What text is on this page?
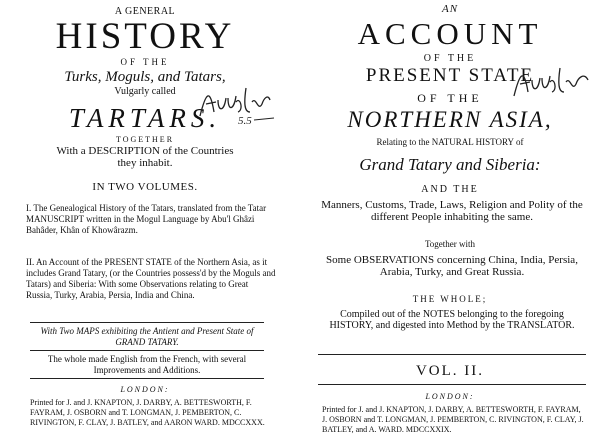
A GENERAL
HISTORY
OF THE
Turks, Moguls, and Tatars,
Vulgarly called
TARTARS.
TOGETHER
With a DESCRIPTION of the Countries
they inhabit.
IN TWO VOLUMES.
I. The Genealogical History of the Tatars, translated from the Tatar MANUSCRIPT written in the Mogul Language by Abu'l Ghâzi Bahâder, Khân of Khowârazm.
II. An Account of the PRESENT STATE of the Northern Asia, as it includes Grand Tatary, (or the Countries possess'd by the Moguls and Tatars) and Siberia: With some Observations relating to Great Russia, Turky, Arabia, Persia, India and China.
With Two MAPS exhibiting the Antient and Present State of GRAND TATARY.
The whole made English from the French, with several Improvements and Additions.
LONDON:
Printed for J. and J. KNAPTON, J. DARBY, A. BETTESWORTH, F. FAYRAM, J. OSBORN and T. LONGMAN, J. PEMBERTON, C. RIVINGTON, F. CLAY, J. BATLEY, and AARON WARD. MDCCXXX.
5.5
AN
ACCOUNT
OF THE
PRESENT STATE
OF THE
NORTHERN ASIA,
Relating to the NATURAL HISTORY of
Grand Tatary and Siberia:
AND THE
Manners, Customs, Trade, Laws, Religion and Polity of the different People inhabiting the same.
Together with
Some OBSERVATIONS concerning China, India, Persia, Arabia, Turky, and Great Russia.
THE WHOLE;
Compiled out of the NOTES belonging to the foregoing HISTORY, and digested into Method by the TRANSLATOR.
VOL. II.
LONDON:
Printed for J. and J. KNAPTON, J. DARBY, A. BETTESWORTH, F. FAYRAM, J. OSBORN and T. LONGMAN, J. PEMBERTON, C. RIVINGTON, F. CLAY, J. BATLEY, and A. WARD. MDCCXXIX.
